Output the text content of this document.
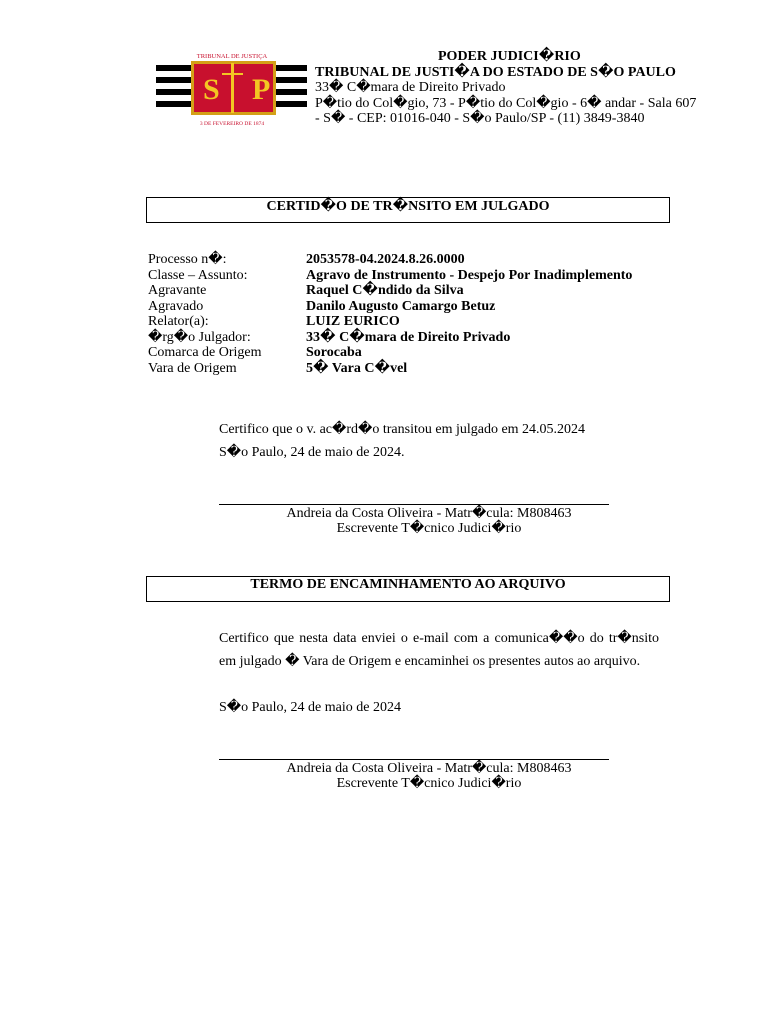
S P
TRIBUNAL DE JUSTIÇA
3 DE FEVEREIRO DE 1874
PODER JUDICI�RIO
TRIBUNAL DE JUSTI�A DO ESTADO DE S�O PAULO
33� C�mara de Direito Privado
P�tio do Col�gio, 73 - P�tio do Col�gio - 6� andar - Sala 607
- S� - CEP: 01016-040 - S�o Paulo/SP - (11) 3849-3840
CERTID�O DE TR�NSITO EM JULGADO
Processo n�:	2053578-04.2024.8.26.0000
Classe – Assunto:	Agravo de Instrumento - Despejo Por Inadimplemento
Agravante	Raquel C�ndido da Silva
Agravado	Danilo Augusto Camargo Betuz
Relator(a):	LUIZ EURICO
�rg�o Julgador:	33� C�mara de Direito Privado
Comarca de Origem	Sorocaba
Vara de Origem	5� Vara C�vel
Certifico que o v. ac�rd�o transitou em julgado em 24.05.2024
S�o Paulo, 24 de maio de 2024.
Andreia da Costa Oliveira - Matr�cula: M808463
Escrevente T�cnico Judici�rio
TERMO DE ENCAMINHAMENTO AO ARQUIVO
Certifico que nesta data enviei o e-mail com a comunica��o do tr�nsito
em julgado � Vara de Origem e encaminhei os presentes autos ao arquivo.
S�o Paulo, 24 de maio de 2024
Andreia da Costa Oliveira - Matr�cula: M808463
Escrevente T�cnico Judici�rio
